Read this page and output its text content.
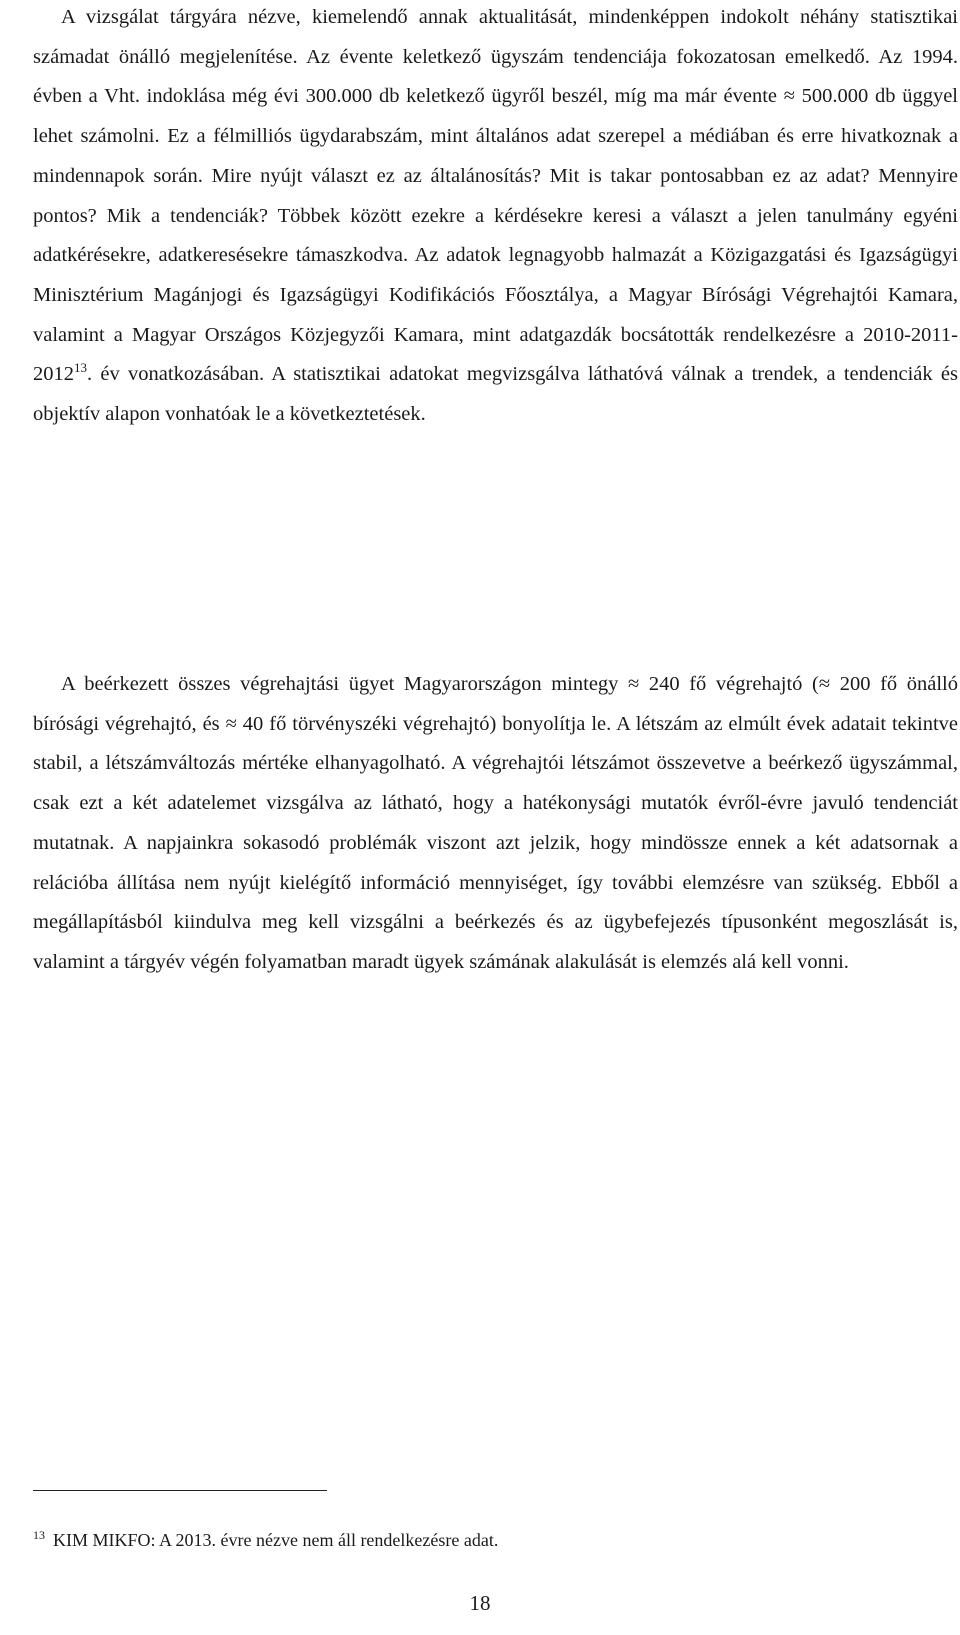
A vizsgálat tárgyára nézve, kiemelendő annak aktualitását, mindenképpen indokolt néhány statisztikai számadat önálló megjelenítése. Az évente keletkező ügyszám tendenciája fokozatosan emelkedő. Az 1994. évben a Vht. indoklása még évi 300.000 db keletkező ügyről beszél, míg ma már évente ≈ 500.000 db üggyel lehet számolni. Ez a félmilliós ügydarabszám, mint általános adat szerepel a médiában és erre hivatkoznak a mindennapok során. Mire nyújt választ ez az általánosítás? Mit is takar pontosabban ez az adat? Mennyire pontos? Mik a tendenciák? Többek között ezekre a kérdésekre keresi a választ a jelen tanulmány egyéni adatkérésekre, adatkeresésekre támaszkodva. Az adatok legnagyobb halmazát a Közigazgatási és Igazságügyi Minisztérium Magánjogi és Igazságügyi Kodifikációs Főosztálya, a Magyar Bírósági Végrehajtói Kamara, valamint a Magyar Országos Közjegyzői Kamara, mint adatgazdák bocsátották rendelkezésre a 2010-2011-2012$^{13}$. év vonatkozásában. A statisztikai adatokat megvizsgálva láthatóvá válnak a trendek, a tendenciák és objektív alapon vonhatóak le a következtetések.

A beérkezett összes végrehajtási ügyet Magyarországon mintegy ≈ 240 fő végrehajtó (≈ 200 fő önálló bírósági végrehajtó, és ≈ 40 fő törvényszéki végrehajtó) bonyolítja le. A létszám az elmúlt évek adatait tekintve stabil, a létszámváltozás mértéke elhanyagolható. A végrehajtói létszámot összevetve a beérkező ügyszámmal, csak ezt a két adatelemet vizsgálva az látható, hogy a hatékonysági mutatók évről-évre javuló tendenciát mutatnak. A napjainkra sokasodó problémák viszont azt jelzik, hogy mindössze ennek a két adatsornak a relációba állítása nem nyújt kielégítő információ mennyiséget, így további elemzésre van szükség. Ebből a megállapításból kiindulva meg kell vizsgálni a beérkezés és az ügybefejezés típusonként megoszlását is, valamint a tárgyév végén folyamatban maradt ügyek számának alakulását is elemzés alá kell vonni.

$^{13}$ KIM MIKFO: A 2013. évre nézve nem áll rendelkezésre adat.

18
